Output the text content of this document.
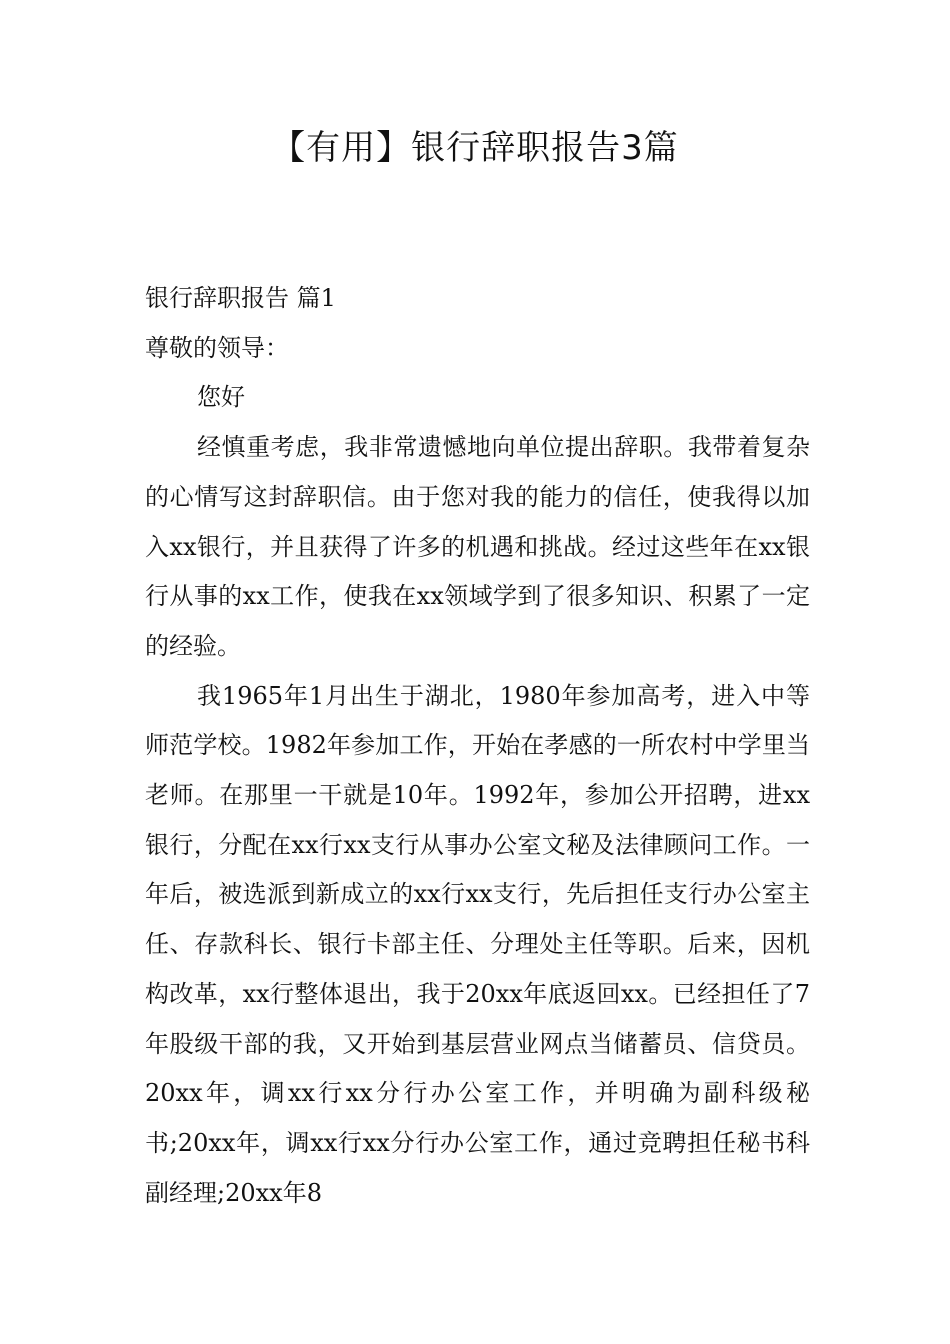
【有用】银行辞职报告3篇

银行辞职报告 篇1

尊敬的领导：

您好

经慎重考虑，我非常遗憾地向单位提出辞职。我带着复杂的心情写这封辞职信。由于您对我的能力的信任，使我得以加入xx银行，并且获得了许多的机遇和挑战。经过这些年在xx银行从事的xx工作，使我在xx领域学到了很多知识、积累了一定的经验。

我1965年1月出生于湖北，1980年参加高考，进入中等师范学校。1982年参加工作，开始在孝感的一所农村中学里当老师。在那里一干就是10年。1992年，参加公开招聘，进xx银行，分配在xx行xx支行从事办公室文秘及法律顾问工作。一年后，被选派到新成立的xx行xx支行，先后担任支行办公室主任、存款科长、银行卡部主任、分理处主任等职。后来，因机构改革，xx行整体退出，我于20xx年底返回xx。已经担任了7年股级干部的我，又开始到基层营业网点当储蓄员、信贷员。20xx年，调xx行xx分行办公室工作，并明确为副科级秘书;20xx年，调xx行xx分行办公室工作，通过竞聘担任秘书科副经理;20xx年8
